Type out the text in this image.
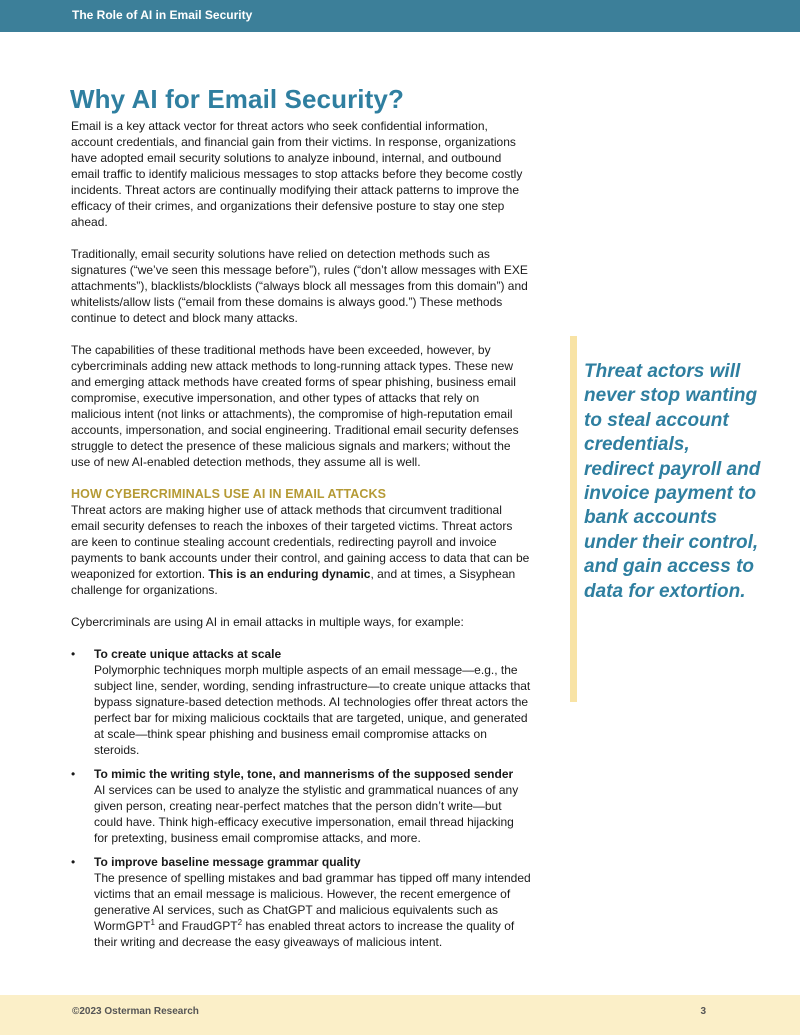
The Role of AI in Email Security
Why AI for Email Security?

Email is a key attack vector for threat actors who seek confidential information, account credentials, and financial gain from their victims. In response, organizations have adopted email security solutions to analyze inbound, internal, and outbound email traffic to identify malicious messages to stop attacks before they become costly incidents. Threat actors are continually modifying their attack patterns to improve the efficacy of their crimes, and organizations their defensive posture to stay one step ahead.

Traditionally, email security solutions have relied on detection methods such as signatures (“we’ve seen this message before”), rules (“don’t allow messages with EXE attachments”), blacklists/blocklists (“always block all messages from this domain”) and whitelists/allow lists (“email from these domains is always good.”) These methods continue to detect and block many attacks.

The capabilities of these traditional methods have been exceeded, however, by cybercriminals adding new attack methods to long-running attack types. These new and emerging attack methods have created forms of spear phishing, business email compromise, executive impersonation, and other types of attacks that rely on malicious intent (not links or attachments), the compromise of high-reputation email accounts, impersonation, and social engineering. Traditional email security defenses struggle to detect the presence of these malicious signals and markers; without the use of new AI-enabled detection methods, they assume all is well.

HOW CYBERCRIMINALS USE AI IN EMAIL ATTACKS

Threat actors are making higher use of attack methods that circumvent traditional email security defenses to reach the inboxes of their targeted victims. Threat actors are keen to continue stealing account credentials, redirecting payroll and invoice payments to bank accounts under their control, and gaining access to data that can be weaponized for extortion. This is an enduring dynamic, and at times, a Sisyphean challenge for organizations.

Cybercriminals are using AI in email attacks in multiple ways, for example:

• To create unique attacks at scale
Polymorphic techniques morph multiple aspects of an email message—e.g., the subject line, sender, wording, sending infrastructure—to create unique attacks that bypass signature-based detection methods. AI technologies offer threat actors the perfect bar for mixing malicious cocktails that are targeted, unique, and generated at scale—think spear phishing and business email compromise attacks on steroids.
• To mimic the writing style, tone, and mannerisms of the supposed sender
AI services can be used to analyze the stylistic and grammatical nuances of any given person, creating near-perfect matches that the person didn’t write—but could have. Think high-efficacy executive impersonation, email thread hijacking for pretexting, business email compromise attacks, and more.
• To improve baseline message grammar quality
The presence of spelling mistakes and bad grammar has tipped off many intended victims that an email message is malicious. However, the recent emergence of generative AI services, such as ChatGPT and malicious equivalents such as WormGPT$^1$ and FraudGPT$^2$ has enabled threat actors to increase the quality of their writing and decrease the easy giveaways of malicious intent.
Threat actors will never stop wanting to steal account credentials, redirect payroll and invoice payment to bank accounts under their control, and gain access to data for extortion.
©2023 Osterman Research	3
